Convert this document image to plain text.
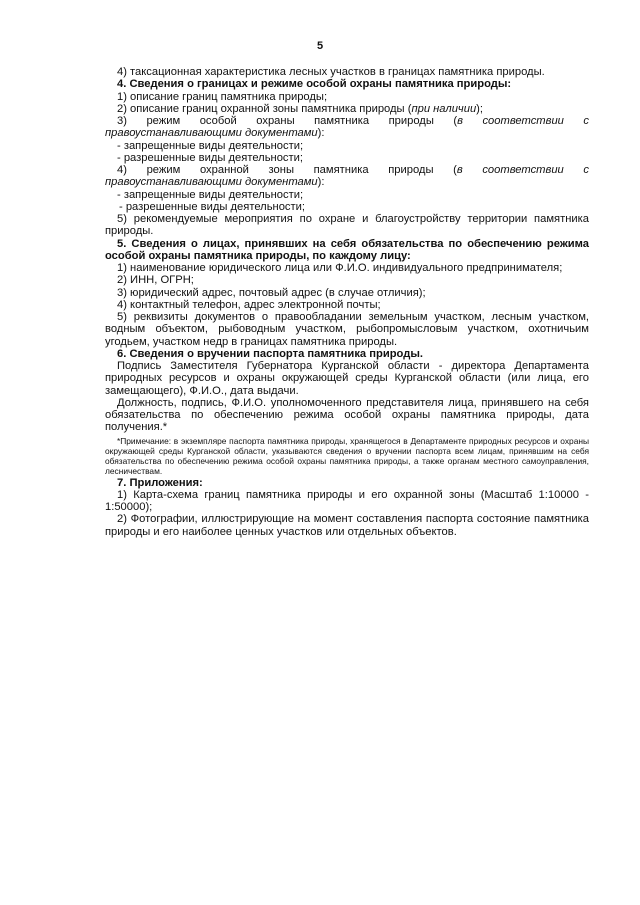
5

4) таксационная характеристика лесных участков в границах памятника природы.

4. Сведения о границах и режиме особой охраны памятника природы:

1) описание границ памятника природы;

2) описание границ охранной зоны памятника природы (при наличии);

3) режим особой охраны памятника природы (в соответствии с правоустанавливающими документами):

- запрещенные виды деятельности;

- разрешенные виды деятельности;

4) режим охранной зоны памятника природы (в соответствии с правоустанавливающими документами):

- запрещенные виды деятельности;

- разрешенные виды деятельности;

5) рекомендуемые мероприятия по охране и благоустройству территории памятника природы.

5. Сведения о лицах, принявших на себя обязательства по обеспечению режима особой охраны памятника природы, по каждому лицу:

1) наименование юридического лица или Ф.И.О. индивидуального предпринимателя;

2) ИНН, ОГРН;

3) юридический адрес, почтовый адрес (в случае отличия);

4) контактный телефон, адрес электронной почты;

5) реквизиты документов о правообладании земельным участком, лесным участком, водным объектом, рыбоводным участком, рыбопромысловым участком, охотничьим угодьем, участком недр в границах памятника природы.

6. Сведения о вручении паспорта памятника природы.

Подпись Заместителя Губернатора Курганской области - директора Департамента природных ресурсов и охраны окружающей среды Курганской области (или лица, его замещающего), Ф.И.О., дата выдачи.

Должность, подпись, Ф.И.О. уполномоченного представителя лица, принявшего на себя обязательства по обеспечению режима особой охраны памятника природы, дата получения.*

*Примечание: в экземпляре паспорта памятника природы, хранящегося в Департаменте природных ресурсов и охраны окружающей среды Курганской области, указываются сведения о вручении паспорта всем лицам, принявшим на себя обязательства по обеспечению режима особой охраны памятника природы, а также органам местного самоуправления, лесничествам.

7. Приложения:

1) Карта-схема границ памятника природы и его охранной зоны (Масштаб 1:10000 - 1:50000);

2) Фотографии, иллюстрирующие на момент составления паспорта состояние памятника природы и его наиболее ценных участков или отдельных объектов.
